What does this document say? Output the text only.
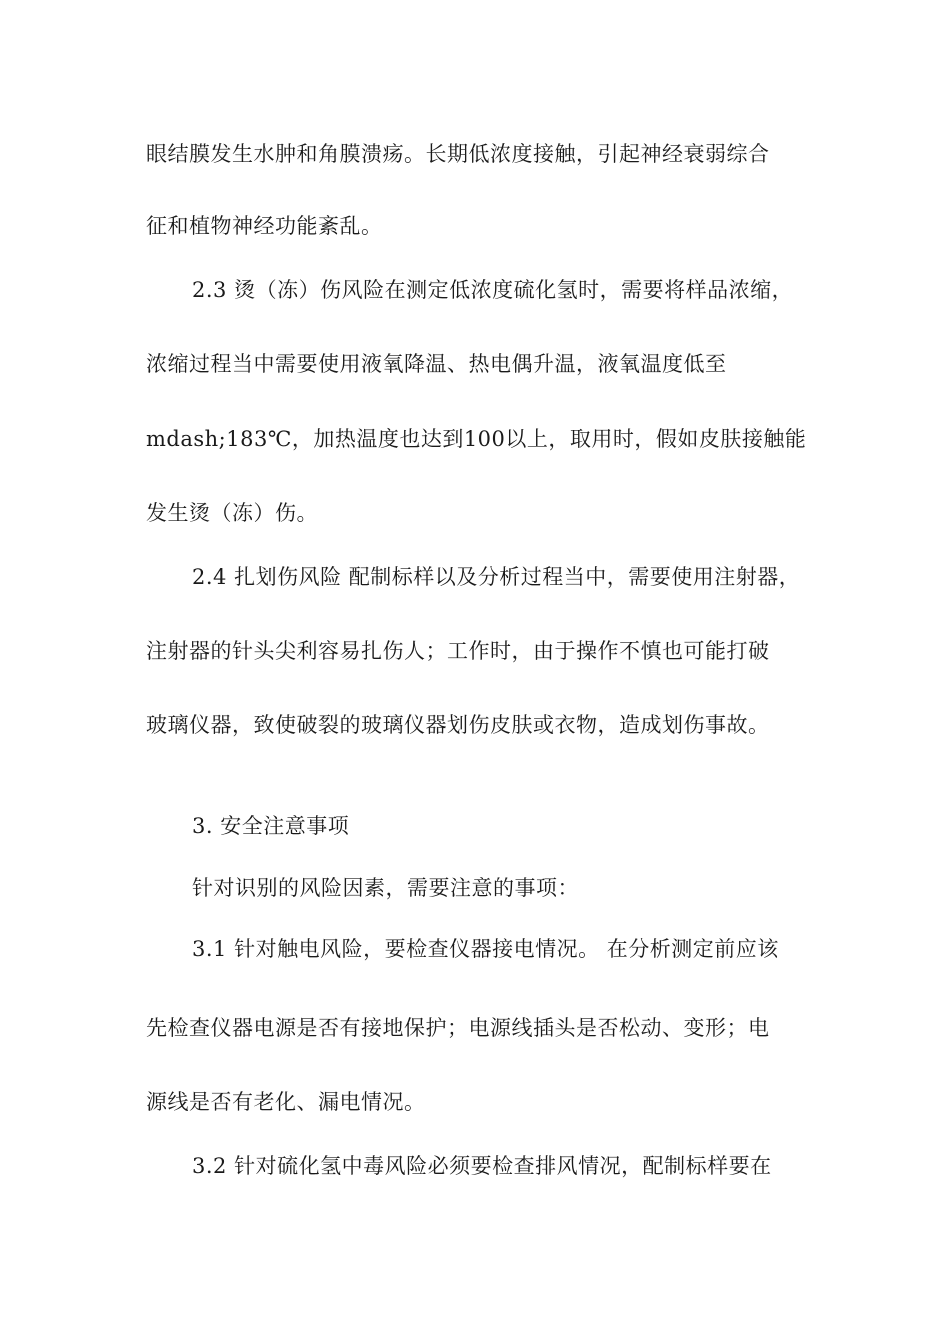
眼结膜发生水肿和角膜溃疡。长期低浓度接触，引起神经衰弱综合
征和植物神经功能紊乱。
2.3 烫（冻）伤风险在测定低浓度硫化氢时，需要将样品浓缩，
浓缩过程当中需要使用液氧降温、热电偶升温，液氧温度低至
mdash;183℃，加热温度也达到100以上，取用时，假如皮肤接触能
发生烫（冻）伤。
2.4 扎划伤风险 配制标样以及分析过程当中，需要使用注射器，
注射器的针头尖利容易扎伤人；工作时，由于操作不慎也可能打破
玻璃仪器，致使破裂的玻璃仪器划伤皮肤或衣物，造成划伤事故。
3. 安全注意事项
针对识别的风险因素，需要注意的事项：
3.1 针对触电风险，要检查仪器接电情况。 在分析测定前应该
先检查仪器电源是否有接地保护；电源线插头是否松动、变形；电
源线是否有老化、漏电情况。
3.2 针对硫化氢中毒风险必须要检查排风情况，配制标样要在
